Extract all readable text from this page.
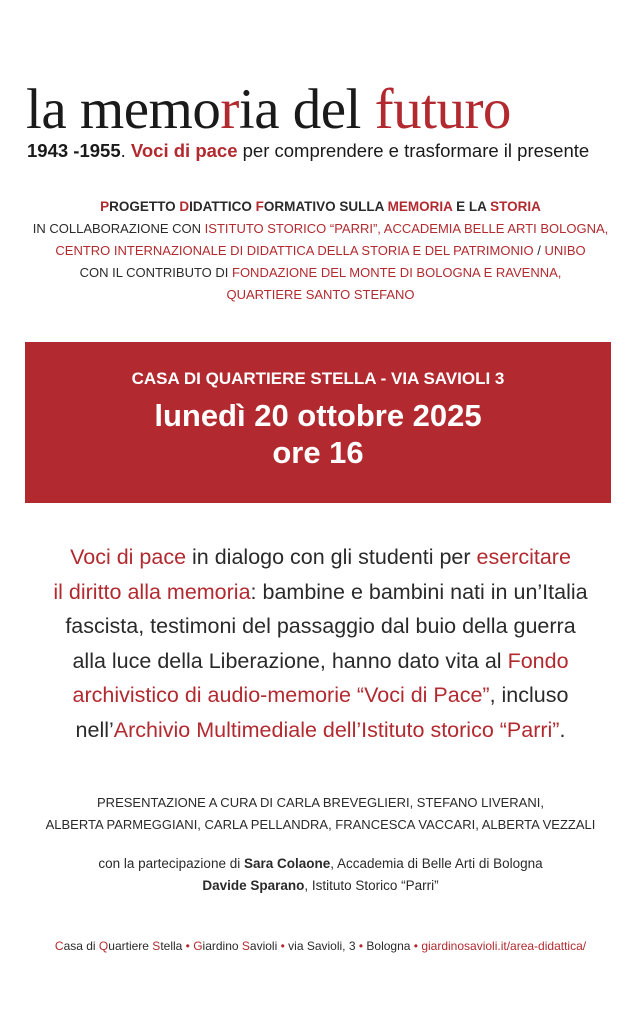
la memoria del futuro
1943 -1955. Voci di pace per comprendere e trasformare il presente
PROGETTO DIDATTICO FORMATIVO SULLA MEMORIA E LA STORIA
IN COLLABORAZIONE CON ISTITUTO STORICO “PARRI”, ACCADEMIA BELLE ARTI BOLOGNA,
CENTRO INTERNAZIONALE DI DIDATTICA DELLA STORIA E DEL PATRIMONIO / UNIBO
CON IL CONTRIBUTO DI FONDAZIONE DEL MONTE DI BOLOGNA E RAVENNA,
QUARTIERE SANTO STEFANO
CASA DI QUARTIERE STELLA - VIA SAVIOLI 3
lunedì 20 ottobre 2025
ore 16
Voci di pace in dialogo con gli studenti per esercitare
il diritto alla memoria: bambine e bambini nati in un’Italia
fascista, testimoni del passaggio dal buio della guerra
alla luce della Liberazione, hanno dato vita al Fondo
archivistico di audio-memorie “Voci di Pace”, incluso
nell’Archivio Multimediale dell’Istituto storico “Parri”.
PRESENTAZIONE A CURA DI CARLA BREVEGLIERI, STEFANO LIVERANI,
ALBERTA PARMEGGIANI, CARLA PELLANDRA, FRANCESCA VACCARI, ALBERTA VEZZALI
con la partecipazione di Sara Colaone, Accademia di Belle Arti di Bologna
Davide Sparano, Istituto Storico “Parri”
Casa di Quartiere Stella • Giardino Savioli • via Savioli, 3 • Bologna • giardinosavioli.it/area-didattica/
